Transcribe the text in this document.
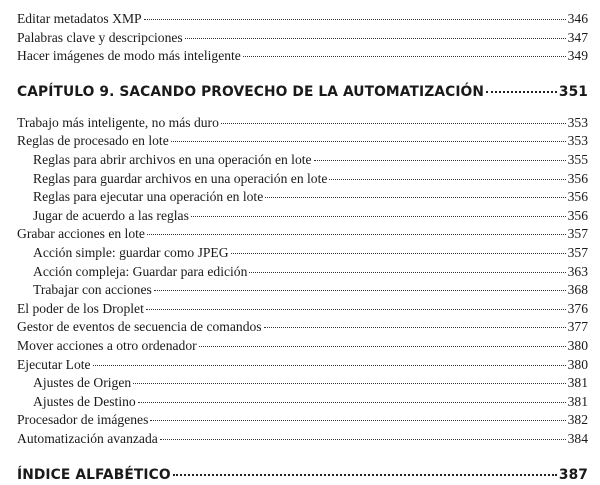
Editar metadatos XMP	346
Palabras clave y descripciones	347
Hacer imágenes de modo más inteligente	349
CAPÍTULO 9. SACANDO PROVECHO DE LA AUTOMATIZACIÓN	351
Trabajo más inteligente, no más duro	353
Reglas de procesado en lote	353
Reglas para abrir archivos en una operación en lote	355
Reglas para guardar archivos en una operación en lote	356
Reglas para ejecutar una operación en lote	356
Jugar de acuerdo a las reglas	356
Grabar acciones en lote	357
Acción simple: guardar como JPEG	357
Acción compleja: Guardar para edición	363
Trabajar con acciones	368
El poder de los Droplet	376
Gestor de eventos de secuencia de comandos	377
Mover acciones a otro ordenador	380
Ejecutar Lote	380
Ajustes de Origen	381
Ajustes de Destino	381
Procesador de imágenes	382
Automatización avanzada	384
ÍNDICE ALFABÉTICO	387
